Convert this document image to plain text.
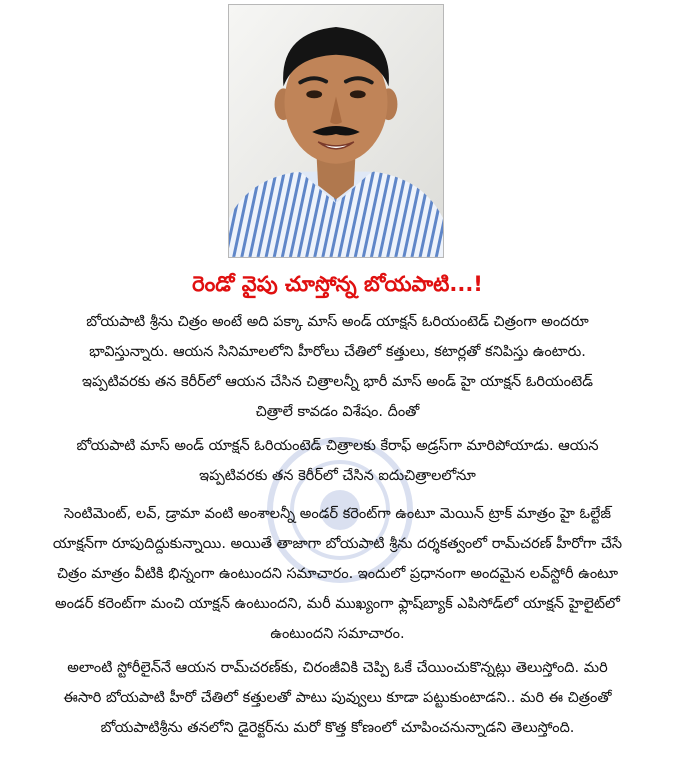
రెండో వైపు చూస్తోన్న బోయపాటి...!
బోయపాటి శ్రీను చిత్రం అంటే అది పక్కా మాస్ అండ్ యాక్షన్ ఓరియంటెడ్ చిత్రంగా అందరూ
భావిస్తున్నారు. ఆయన సినిమాలలోని హీరోలు చేతిలో కత్తులు, కటార్లతో కనిపిస్తు ఉంటారు.
ఇప్పటివరకు తన కెరీర్‌లో ఆయన చేసిన చిత్రాలన్నీ భారీ మాస్ అండ్ హై యాక్షన్ ఓరియంటెడ్
చిత్రాలే కావడం విశేషం. దీంతో
బోయపాటి మాస్ అండ్ యాక్షన్ ఓరియంటెడ్ చిత్రాలకు కేరాఫ్ అడ్రస్‌గా మారిపోయాడు. ఆయన
ఇప్పటివరకు తన కెరీర్‌లో చేసిన ఐదుచిత్రాలలోనూ
సెంటిమెంట్, లవ్, డ్రామా వంటి అంశాలన్నీ అండర్ కరెంట్‌గా ఉంటూ మెయిన్ ట్రాక్ మాత్రం హై ఓల్టేజ్
యాక్షన్‌గా రూపుదిద్దుకున్నాయి. అయితే తాజాగా బోయపాటి శ్రీను దర్శకత్వంలో రామ్‌చరణ్ హీరోగా చేసే
చిత్రం మాత్రం వీటికి భిన్నంగా ఉంటుందని సమాచారం. ఇందులో ప్రధానంగా అందమైన లవ్‌స్టోరీ ఉంటూ
అండర్ కరెంట్‌గా మంచి యాక్షన్ ఉంటుందని, మరీ ముఖ్యంగా ఫ్లాష్‌బ్యాక్ ఎపిసోడ్‌లో యాక్షన్ హైలైట్‌లో
ఉంటుందని సమాచారం.
అలాంటి స్టోరీలైన్‌నే ఆయన రామ్‌చరణ్‌కు, చిరంజీవికి చెప్పి ఓకే చేయించుకొన్నట్లు తెలుస్తోంది. మరి
ఈసారి బోయపాటి హీరో చేతిలో కత్తులతో పాటు పువ్వులు కూడా పట్టుకుంటాడని.. మరి ఈ చిత్రంతో
బోయపాటిశ్రీను తనలోని డైరెక్టర్‌ను మరో కొత్త కోణంలో చూపించనున్నాడని తెలుస్తోంది.
